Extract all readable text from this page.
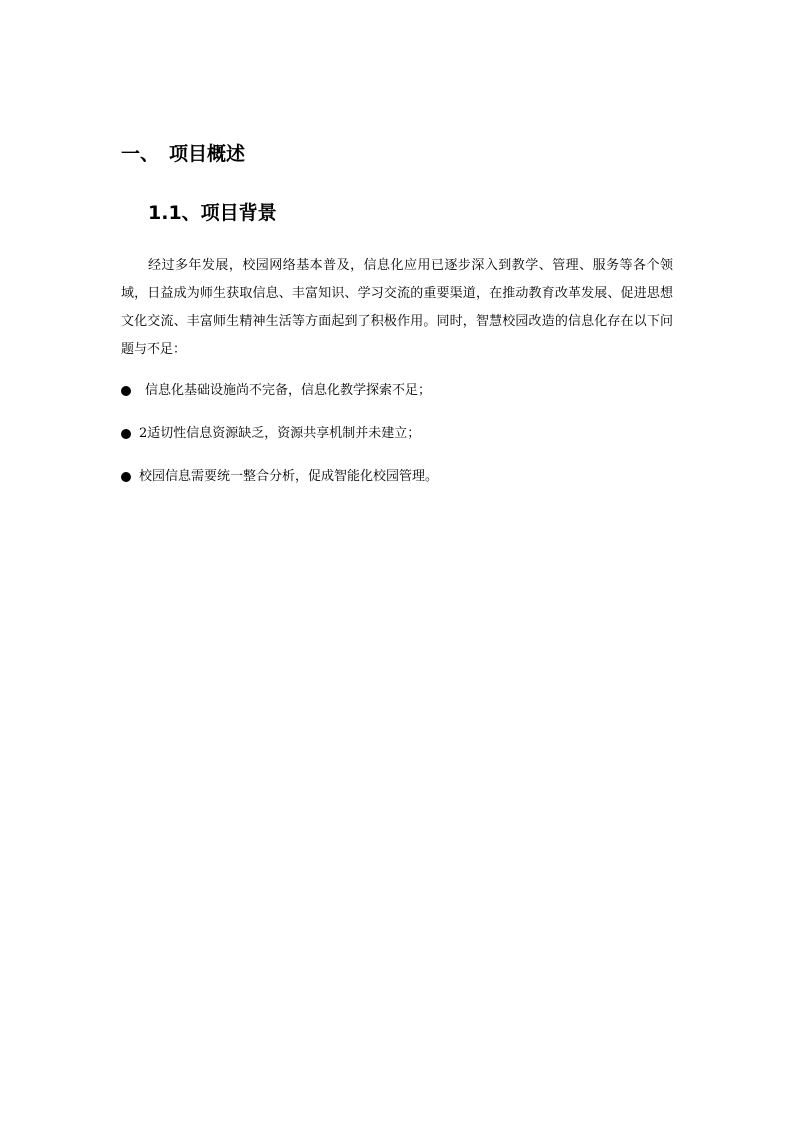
一、 项目概述
1.1、项目背景

经过多年发展，校园网络基本普及，信息化应用已逐步深入到教学、管理、服务等各个领域，日益成为师生获取信息、丰富知识、学习交流的重要渠道，在推动教育改革发展、促进思想文化交流、丰富师生精神生活等方面起到了积极作用。同时，智慧校园改造的信息化存在以下问题与不足：

信息化基础设施尚不完备，信息化教学探索不足；
2适切性信息资源缺乏，资源共享机制并未建立；
校园信息需要统一整合分析，促成智能化校园管理。
